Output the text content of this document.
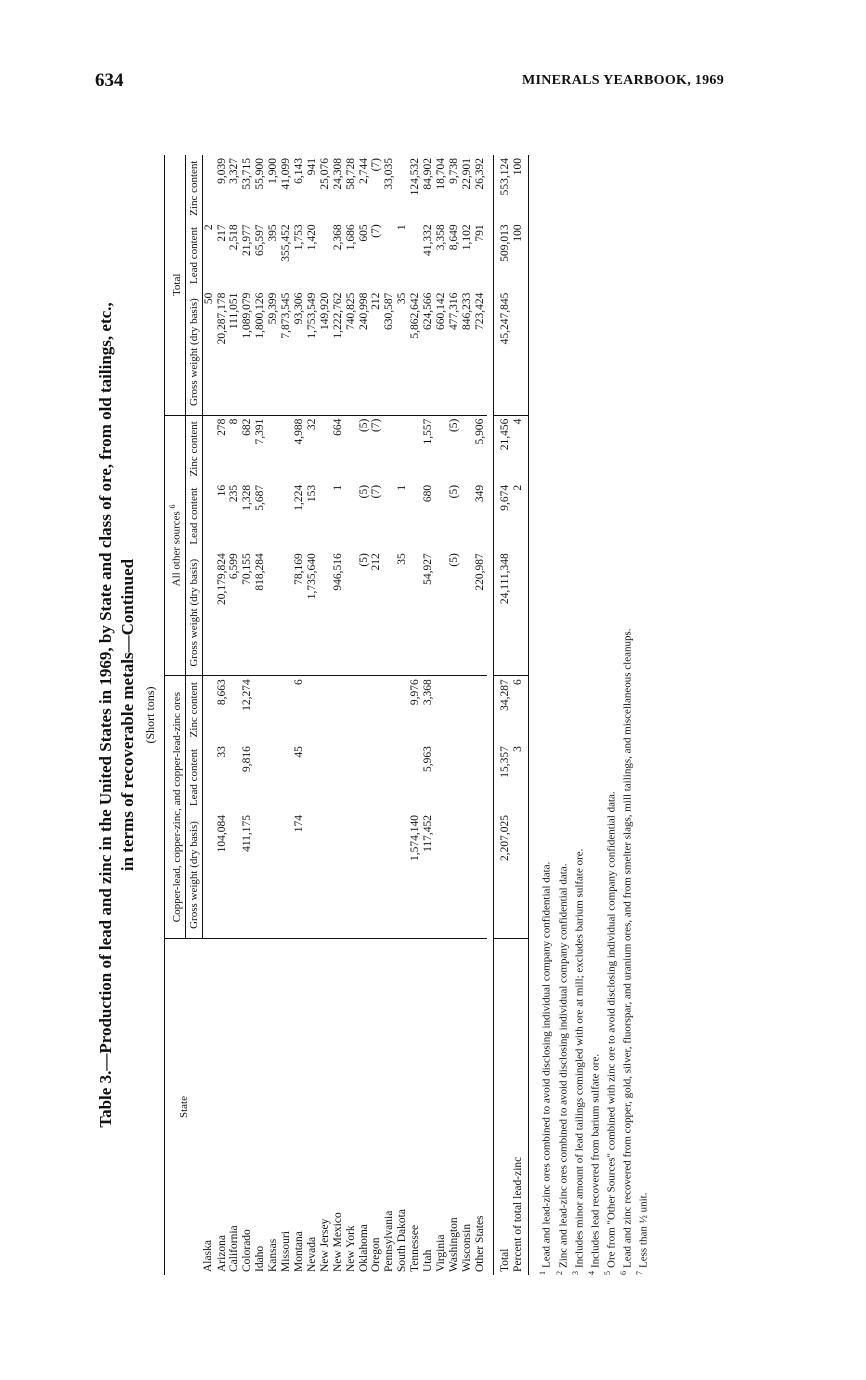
634	MINERALS YEARBOOK, 1969

Table 3.—Production of lead and zinc in the United States in 1969, by State and class of ore, from old tailings, etc., in terms of recoverable metals—Continued (Short tons)

State	Copper-lead, copper-zinc, and copper-lead-zinc ores			All other sources $^6$			Total		
	Gross weight (dry basis)	Lead content	Zinc content	Gross weight (dry basis)	Lead content	Zinc content	Gross weight (dry basis)	Lead content	Zinc content
Alaska							50	2	
Arizona	104,084	33	8,663	20,179,824	16	278	20,287,178	217	9,039
California				6,599	235	8	111,051	2,518	3,327
Colorado	411,175	9,816	12,274	70,155	1,328	682	1,089,079	21,977	53,715
Idaho				818,284	5,687	7,391	1,800,126	65,597	55,900
Kansas							59,399	395	1,900
Missouri							7,873,545	355,452	41,099
Montana	174	45	6	78,169	1,224	4,988	93,306	1,753	6,143
Nevada				1,735,640	153	32	1,753,549	1,420	941
New Jersey							149,920		25,076
New Mexico				946,516	1	664	1,222,762	2,368	24,308
New York							740,825	1,686	58,728
Oklahoma				(5)	(5)	(5)	240,998	605	2,744
Oregon				212	(7)	(7)	212	(7)	(7)
Pennsylvania							630,587		33,035
South Dakota				35	1		35	1	
Tennessee	1,574,140		9,976				5,862,642		124,532
Utah	117,452	5,963	3,368	54,927	680	1,557	624,566	41,332	84,902
Virginia							660,142	3,358	18,704
Washington				(5)	(5)	(5)	477,316	8,649	9,738
Wisconsin							846,233	1,102	22,901
Other States				220,987	349	5,906	723,424	791	26,392

Total	2,207,025	15,357	34,287	24,111,348	9,674	21,456	45,247,845	509,013	553,124
Percent of total lead-zinc		3	6		2	4		100	100
$^1$Lead and lead-zinc ores combined to avoid disclosing individual company confidential data.
$^2$Zinc and lead-zinc ores combined to avoid disclosing individual company confidential data.
$^3$Includes minor amount of lead tailings comingled with ore at mill; excludes barium sulfate ore.
$^4$Includes lead recovered from barium sulfate ore.
$^5$Ore from "Other Sources" combined with zinc ore to avoid disclosing individual company confidential data.
$^6$Lead and zinc recovered from copper, gold, silver, fluorspar, and uranium ores, and from smelter slags, mill tailings, and miscellaneous cleanups.
$^7$Less than ½ unit.
